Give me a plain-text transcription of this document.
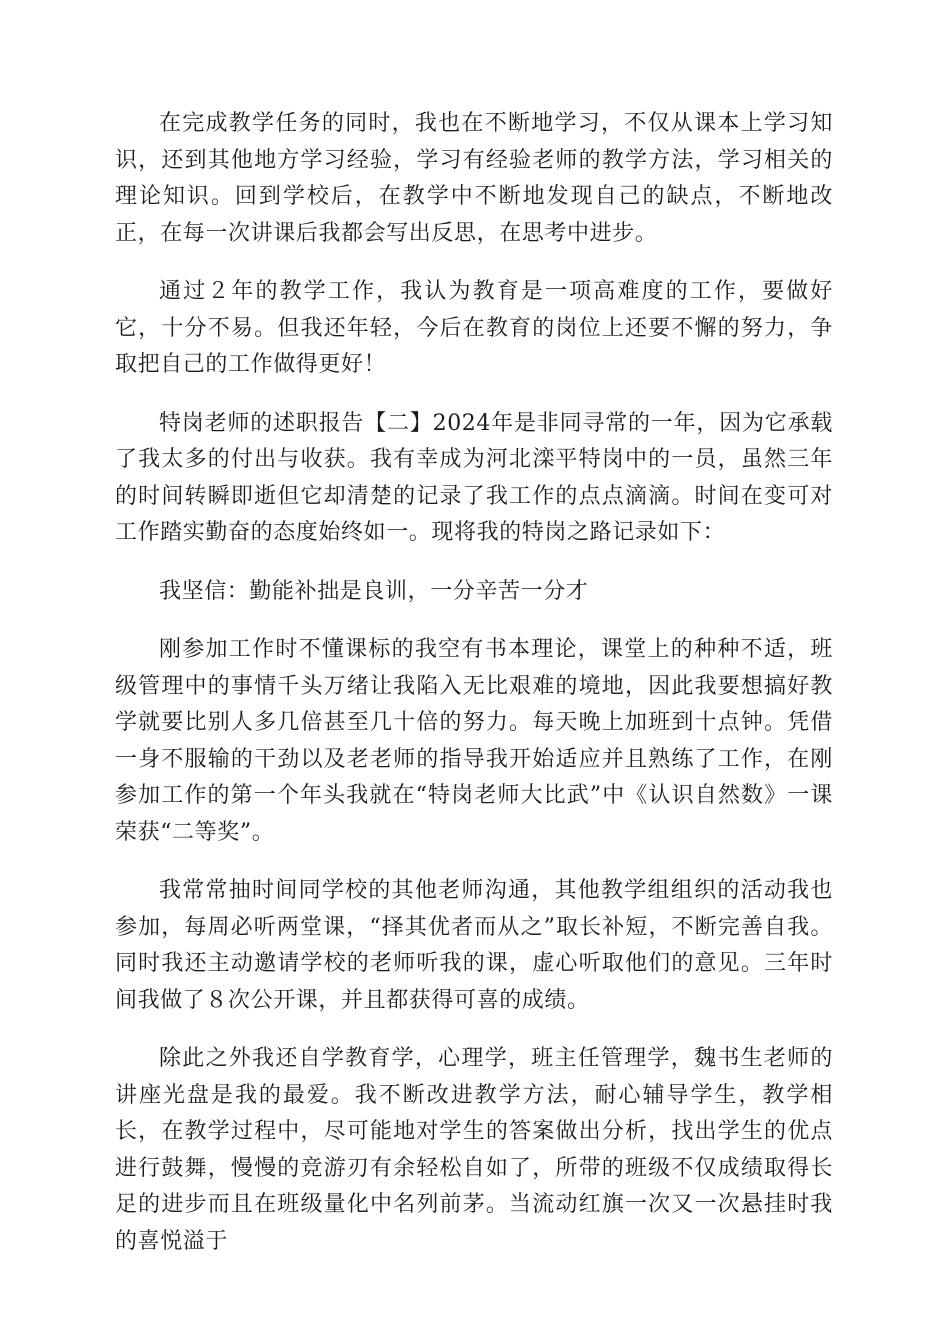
在完成教学任务的同时，我也在不断地学习，不仅从课本上学习知识，还到其他地方学习经验，学习有经验老师的教学方法，学习相关的理论知识。回到学校后，在教学中不断地发现自己的缺点，不断地改正，在每一次讲课后我都会写出反思，在思考中进步。

通过２年的教学工作，我认为教育是一项高难度的工作，要做好它，十分不易。但我还年轻，今后在教育的岗位上还要不懈的努力，争取把自己的工作做得更好！

特岗老师的述职报告【二】2024年是非同寻常的一年，因为它承载了我太多的付出与收获。我有幸成为河北滦平特岗中的一员，虽然三年的时间转瞬即逝但它却清楚的记录了我工作的点点滴滴。时间在变可对工作踏实勤奋的态度始终如一。现将我的特岗之路记录如下：

我坚信：勤能补拙是良训，一分辛苦一分才

刚参加工作时不懂课标的我空有书本理论，课堂上的种种不适，班级管理中的事情千头万绪让我陷入无比艰难的境地，因此我要想搞好教学就要比别人多几倍甚至几十倍的努力。每天晚上加班到十点钟。凭借一身不服输的干劲以及老老师的指导我开始适应并且熟练了工作，在刚参加工作的第一个年头我就在“特岗老师大比武”中《认识自然数》一课荣获“二等奖”。

我常常抽时间同学校的其他老师沟通，其他教学组组织的活动我也参加，每周必听两堂课，“择其优者而从之”取长补短，不断完善自我。同时我还主动邀请学校的老师听我的课，虚心听取他们的意见。三年时间我做了８次公开课，并且都获得可喜的成绩。

除此之外我还自学教育学，心理学，班主任管理学，魏书生老师的讲座光盘是我的最爱。我不断改进教学方法，耐心辅导学生，教学相长，在教学过程中，尽可能地对学生的答案做出分析，找出学生的优点进行鼓舞，慢慢的竞游刃有余轻松自如了，所带的班级不仅成绩取得长足的进步而且在班级量化中名列前茅。当流动红旗一次又一次悬挂时我的喜悦溢于
